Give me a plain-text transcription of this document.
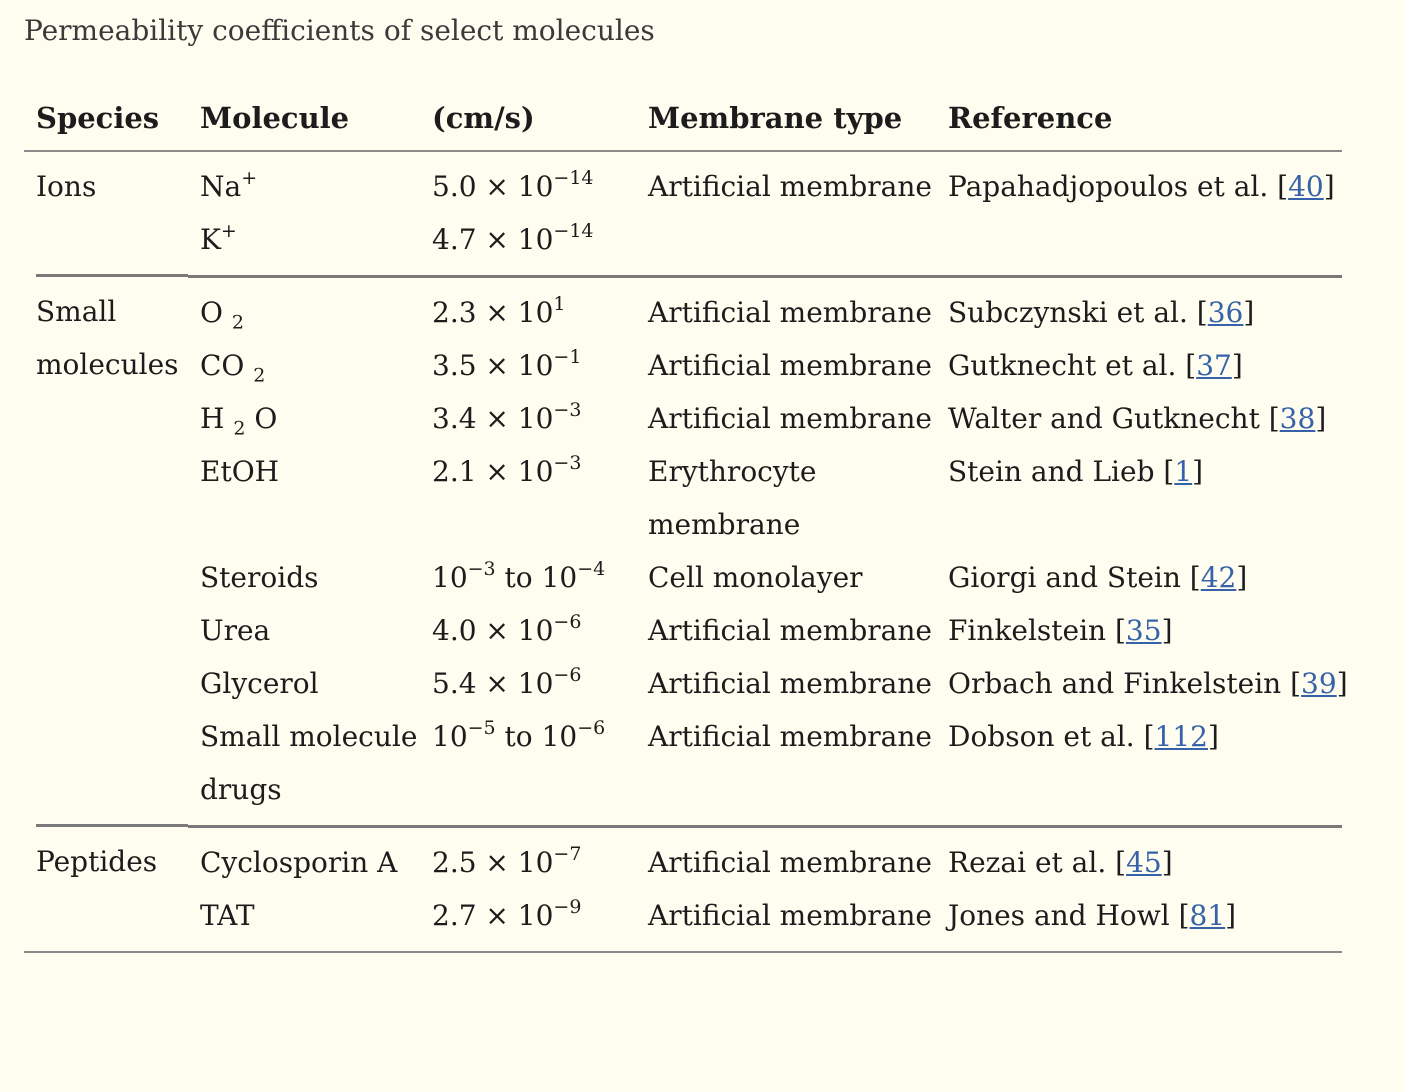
Permeability coefficients of select molecules
Species	Molecule	(cm/s)	Membrane type	Reference
Ions	Na+	$5.0 \times 10^{-14}$	Artificial membrane	Papahadjopoulos et al. [40]
	K+	$4.7 \times 10^{-14}$		

Small molecules	O $_2$	$2.3 \times 10^1$	Artificial membrane	Subczynski et al. [36]
	CO $_2$	$3.5 \times 10^{-1}$	Artificial membrane	Gutknecht et al. [37]
	H $_2$ O	$3.4 \times 10^{-3}$	Artificial membrane	Walter and Gutknecht [38]
	EtOH	$2.1 \times 10^{-3}$	Erythrocyte membrane	Stein and Lieb [1]
	Steroids	$10^{-3}$ to $10^{-4}$	Cell monolayer	Giorgi and Stein [42]
	Urea	$4.0 \times 10^{-6}$	Artificial membrane	Finkelstein [35]
	Glycerol	$5.4 \times 10^{-6}$	Artificial membrane	Orbach and Finkelstein [39]
	Small molecule drugs	$10^{-5}$ to $10^{-6}$	Artificial membrane	Dobson et al. [112]

Peptides	Cyclosporin A	$2.5 \times 10^{-7}$	Artificial membrane	Rezai et al. [45]
	TAT	$2.7 \times 10^{-9}$	Artificial membrane	Jones and Howl [81]
